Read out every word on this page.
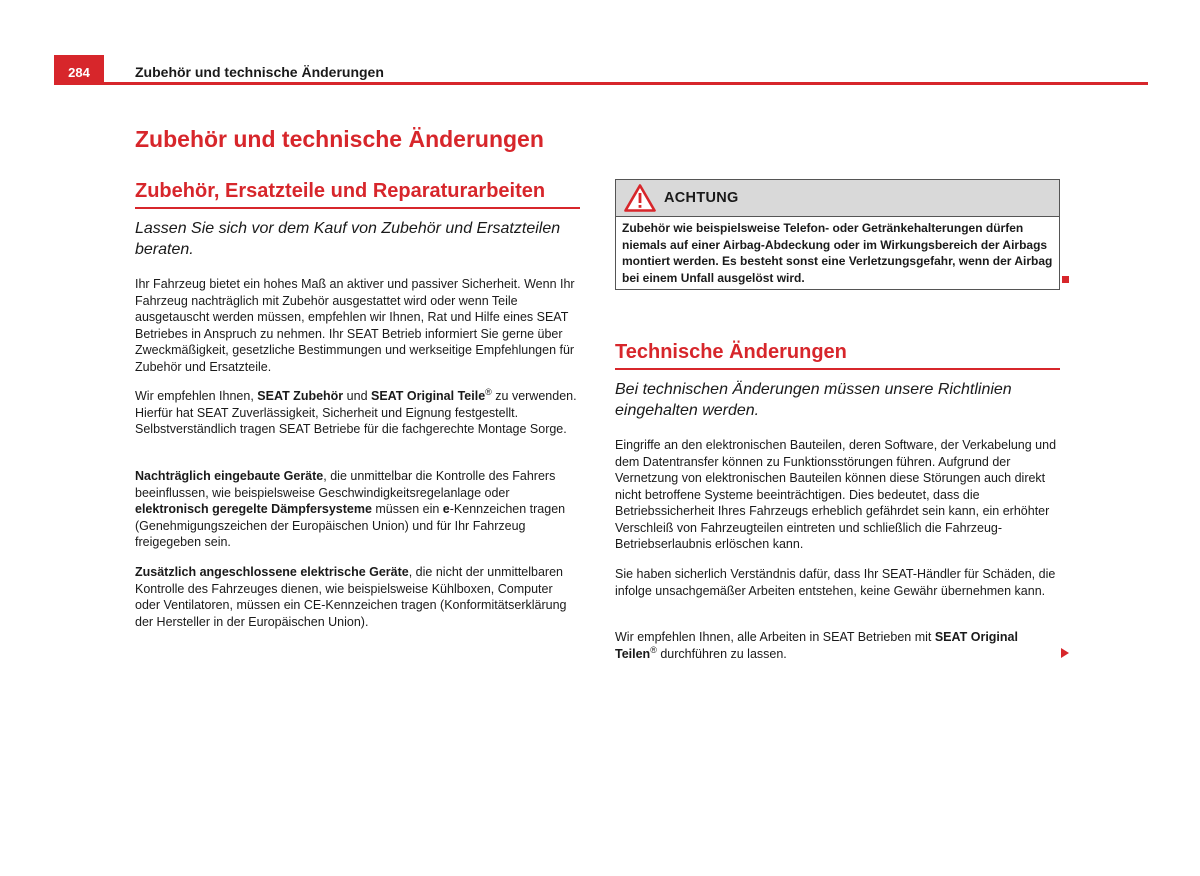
284	Zubehör und technische Änderungen
Zubehör und technische Änderungen
Zubehör, Ersatzteile und Reparaturarbeiten

Lassen Sie sich vor dem Kauf von Zubehör und Ersatzteilen beraten.

Ihr Fahrzeug bietet ein hohes Maß an aktiver und passiver Sicherheit. Wenn Ihr Fahrzeug nachträglich mit Zubehör ausgestattet wird oder wenn Teile ausgetauscht werden müssen, empfehlen wir Ihnen, Rat und Hilfe eines SEAT Betriebes in Anspruch zu nehmen. Ihr SEAT Betrieb informiert Sie gerne über Zweckmäßigkeit, gesetzliche Bestimmungen und werkseitige Empfehlungen für Zubehör und Ersatzteile.

Wir empfehlen Ihnen, SEAT Zubehör und SEAT Original Teile® zu verwenden. Hierfür hat SEAT Zuverlässigkeit, Sicherheit und Eignung festgestellt. Selbstverständlich tragen SEAT Betriebe für die fachgerechte Montage Sorge.

Nachträglich eingebaute Geräte, die unmittelbar die Kontrolle des Fahrers beeinflussen, wie beispielsweise Geschwindigkeitsregelanlage oder elektronisch geregelte Dämpfersysteme müssen ein e-Kennzeichen tragen (Genehmigungszeichen der Europäischen Union) und für Ihr Fahrzeug freigegeben sein.

Zusätzlich angeschlossene elektrische Geräte, die nicht der unmittelbaren Kontrolle des Fahrzeuges dienen, wie beispielsweise Kühlboxen, Computer oder Ventilatoren, müssen ein CE-Kennzeichen tragen (Konformitätserklärung der Hersteller in der Europäischen Union).

ACHTUNG
Zubehör wie beispielsweise Telefon- oder Getränkehalterungen dürfen niemals auf einer Airbag-Abdeckung oder im Wirkungsbereich der Airbags montiert werden. Es besteht sonst eine Verletzungsgefahr, wenn der Airbag bei einem Unfall ausgelöst wird.
Technische Änderungen

Bei technischen Änderungen müssen unsere Richtlinien eingehalten werden.

Eingriffe an den elektronischen Bauteilen, deren Software, der Verkabelung und dem Datentransfer können zu Funktionsstörungen führen. Aufgrund der Vernetzung von elektronischen Bauteilen können diese Störungen auch direkt nicht betroffene Systeme beeinträchtigen. Dies bedeutet, dass die Betriebssicherheit Ihres Fahrzeugs erheblich gefährdet sein kann, ein erhöhter Verschleiß von Fahrzeugteilen eintreten und schließlich die Fahrzeug-Betriebserlaubnis erlöschen kann.

Sie haben sicherlich Verständnis dafür, dass Ihr SEAT-Händler für Schäden, die infolge unsachgemäßer Arbeiten entstehen, keine Gewähr übernehmen kann.

Wir empfehlen Ihnen, alle Arbeiten in SEAT Betrieben mit SEAT Original Teilen® durchführen zu lassen.
